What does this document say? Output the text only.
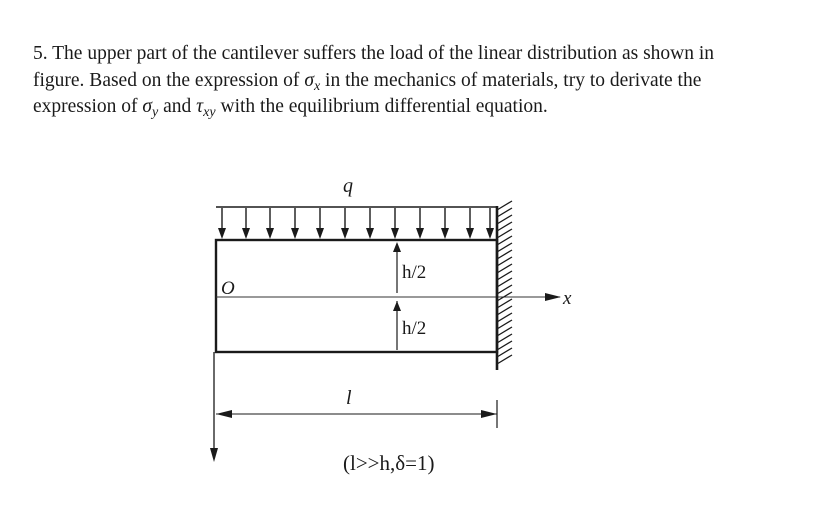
5. The upper part of the cantilever suffers the load of the linear distribution as shown in
figure. Based on the expression of $\sigma_x$ in the mechanics of materials, try to derivate the
expression of $\sigma_y$ and $\tau_{xy}$ with the equilibrium differential equation.

q
x
O
h/2
h/2
l
(l>>h,δ=1)
